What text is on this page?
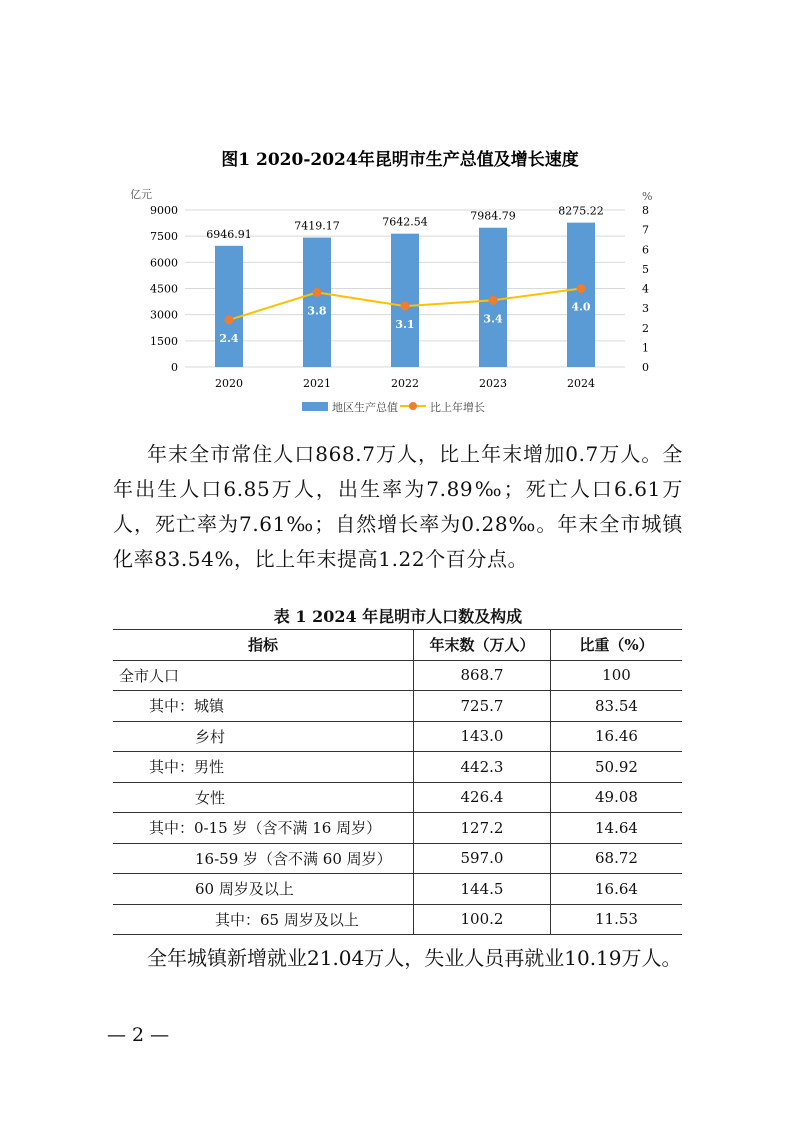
图1 2020-2024年昆明市生产总值及增长速度
亿元	%
0
1500
3000
4500
6000
7500
9000
0
1
2
3
4
5
6
7
8
6946.91
2020
7419.17
2021
7642.54
2022
7984.79
2023
8275.22
2024
2.4
3.8
3.1	3.4
4.0
地区生产总值	比上年增长
年末全市常住人口868.7万人，比上年末增加0.7万人。全年出生人口6.85万人，出生率为7.89‰；死亡人口6.61万人，死亡率为7.61‰；自然增长率为0.28‰。年末全市城镇化率83.54%，比上年末提高1.22个百分点。
表 1 2024 年昆明市人口数及构成
指标	年末数（万人）	比重（%）
全市人口	868.7	100
其中：城镇	725.7	83.54
乡村	143.0	16.46
其中：男性	442.3	50.92
女性	426.4	49.08
其中：0-15 岁（含不满 16 周岁）	127.2	14.64
16-59 岁（含不满 60 周岁）	597.0	68.72
60 周岁及以上	144.5	16.64
其中：65 周岁及以上	100.2	11.53
全年城镇新增就业21.04万人，失业人员再就业10.19万人。
— 2 —
